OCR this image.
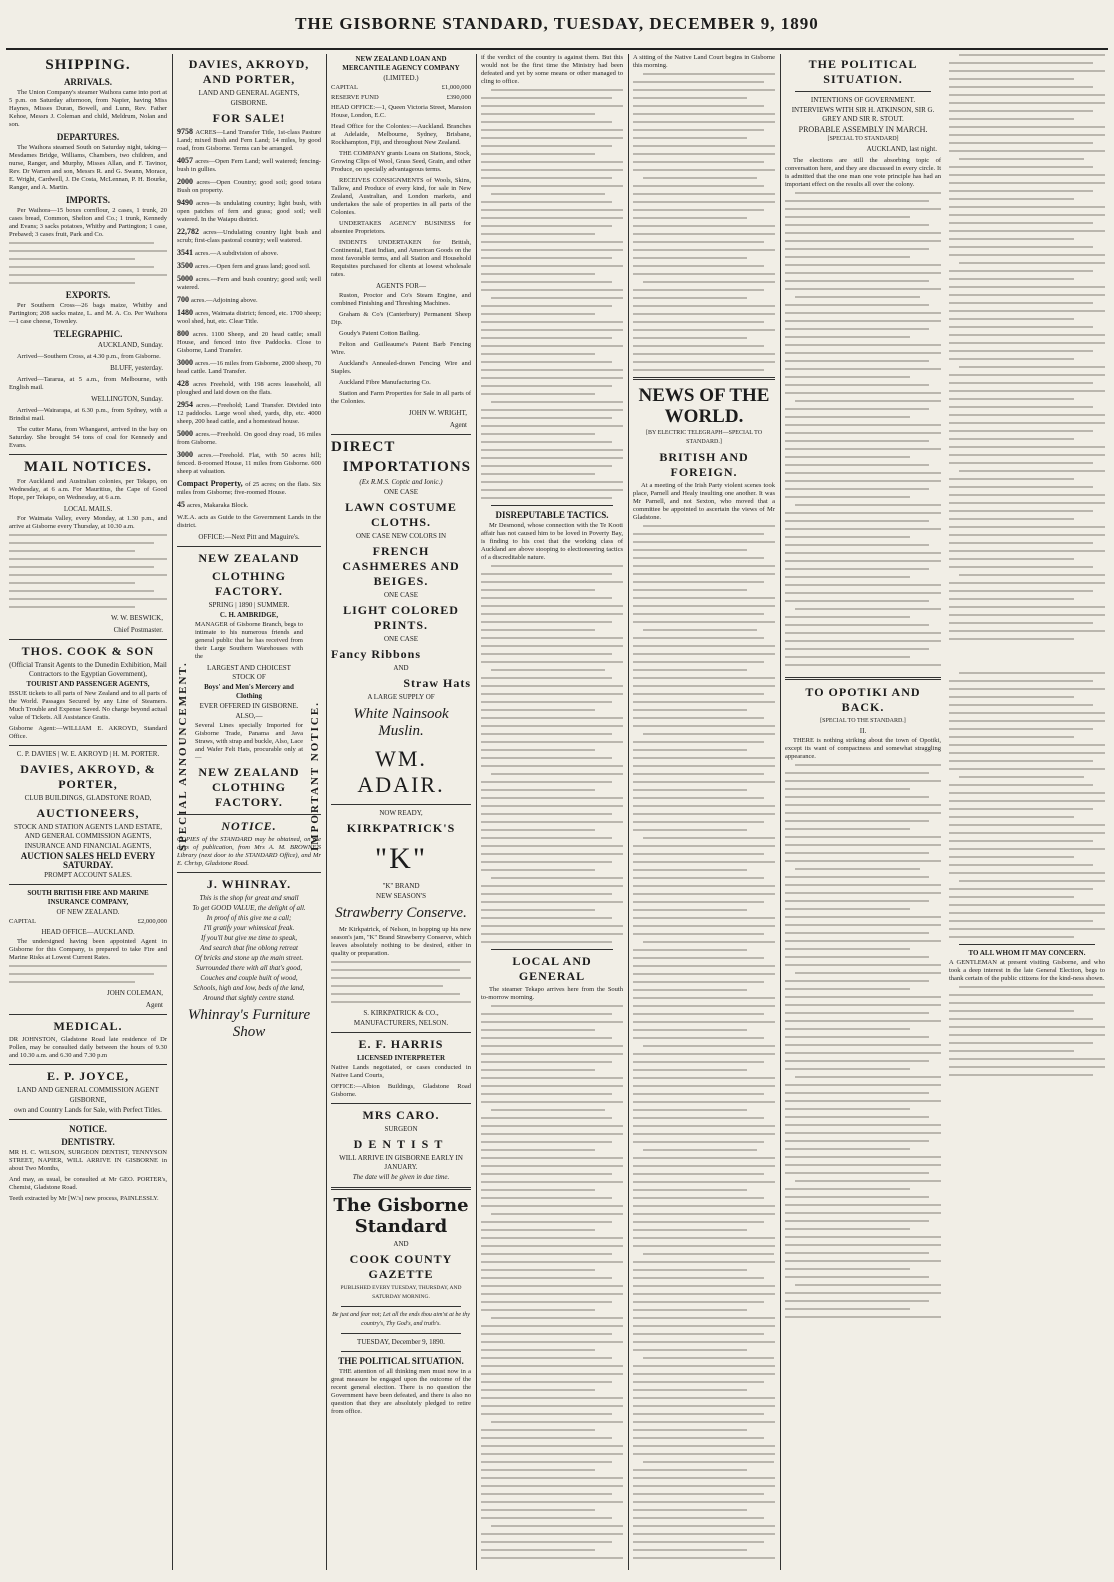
THE GISBORNE STANDARD, TUESDAY, DECEMBER 9, 1890
SHIPPING.
ARRIVALS.

The Union Company's steamer Waihora came into port at 5 p.m. on Saturday afternoon, from Napier, having Miss Haynes, Misses Duran, Bowell, and Lunn, Rev. Father Kehoe, Messrs J. Coleman and child, Meldrum, Nolan and son.

DEPARTURES.

The Waihora steamed South on Saturday night, taking—Mesdames Bridge, Williams, Chambers, two children, and nurse, Ranger, and Murphy, Misses Allan, and F. Tavinor, Rev. Dr Warren and son, Messrs R. and G. Swann, Morace, E. Wright, Cardwell, J. De Costa, McLennan, P. H. Bourke, Ranger, and A. Martin.

IMPORTS.

Per Waihora—15 boxes cornflour, 2 cases, 1 trunk, 20 cases bread, Common, Shelton and Co.; 1 trunk, Kennedy and Evans; 3 sacks potatoes, Whitby and Partington; 1 case, Prebawd; 3 cases fruit, Park and Co.

EXPORTS.

Per Southern Cross—26 bags maize, Whitby and Partington; 208 sacks maize, L. and M. A. Co. Per Waihora—1 case cheese, Townley.

TELEGRAPHIC.
AUCKLAND, Sunday.

Arrived—Southern Cross, at 4.30 p.m., from Gisborne.

BLUFF, yesterday.

Arrived—Tararua, at 5 a.m., from Melbourne, with English mail.

WELLINGTON, Sunday.

Arrived—Wairarapa, at 6.30 p.m., from Sydney, with a Brindisi mail.

The cutter Mana, from Whangarei, arrived in the bay on Saturday. She brought 54 tons of coal for Kennedy and Evans.

MAIL NOTICES.

For Auckland and Australian colonies, per Tekapo, on Wednesday, at 6 a.m. For Mauritius, the Cape of Good Hope, per Tekapo, on Wednesday, at 6 a.m.

LOCAL MAILS.

For Waimata Valley, every Monday, at 1.30 p.m., and arrive at Gisborne every Thursday, at 10.30 a.m.

W. W. BESWICK,
Chief Postmaster.
THOS. COOK & SON
(Official Transit Agents to the Dunedin Exhibition, Mail Contractors to the Egyptian Government),
TOURIST AND PASSENGER AGENTS,

ISSUE tickets to all parts of New Zealand and to all parts of the World. Passages Secured by any Line of Steamers. Much Trouble and Expense Saved. No charge beyond actual value of Tickets. All Assistance Gratis.

Gisborne Agent:—WILLIAM E. AKROYD, Standard Office.

C. P. DAVIES | W. E. AKROYD | H. M. PORTER.
DAVIES, AKROYD, & PORTER,
CLUB BUILDINGS, GLADSTONE ROAD,
AUCTIONEERS,
STOCK AND STATION AGENTS LAND ESTATE, AND GENERAL COMMISSION AGENTS,
INSURANCE AND FINANCIAL AGENTS,
AUCTION SALES HELD EVERY SATURDAY.
PROMPT ACCOUNT SALES.
SOUTH BRITISH FIRE AND MARINE INSURANCE COMPANY,
OF NEW ZEALAND.
CAPITAL	£2,000,000
HEAD OFFICE—AUCKLAND.

The undersigned having been appointed Agent in Gisborne for this Company, is prepared to take Fire and Marine Risks at Lowest Current Rates.

JOHN COLEMAN,
Agent
MEDICAL.

DR JOHNSTON, Gladstone Road late residence of Dr Pollen, may be consulted daily between the hours of 9.30 and 10.30 a.m. and 6.30 and 7.30 p.m

E. P. JOYCE,
LAND AND GENERAL COMMISSION AGENT
GISBORNE,
own and Country Lands for Sale, with Perfect Titles.
NOTICE.
DENTISTRY.

MR H. C. WILSON, SURGEON DENTIST, TENNYSON STREET, NAPIER, WILL ARRIVE IN GISBORNE in about Two Months,

And may, as usual, be consulted at Mr GEO. PORTER's, Chemist, Gladstone Road.

Teeth extracted by Mr [W.'s] new process, PAINLESSLY.

DAVIES, AKROYD, AND PORTER,
LAND AND GENERAL AGENTS,
GISBORNE.
FOR SALE!

9758 ACRES—Land Transfer Title, 1st-class Pasture Land; mixed Bush and Fern Land; 14 miles, by good road, from Gisborne. Terms can be arranged.

4057 acres—Open Fern Land; well watered; fencing-bush in gullies.

2000 acres—Open Country; good soil; good totara Bush on property.

9490 acres—Is undulating country; light bush, with open patches of fern and grass; good soil; well watered. In the Waiapu district.

22,782 acres—Undulating country light bush and scrub; first-class pastoral country; well watered.

3541 acres.—A subdivision of above.

3500 acres.—Open fern and grass land; good soil.

5000 acres.—Fern and bush country; good soil; well watered.

700 acres.—Adjoining above.

1480 acres, Waimata district; fenced, etc. 1700 sheep; wool shed, hut, etc. Clear Title.

800 acres. 1100 Sheep, and 20 head cattle; small House, and fenced into five Paddocks. Close to Gisborne, Land Transfer.

3000 acres.—16 miles from Gisborne, 2000 sheep, 70 head cattle. Land Transfer.

428 acres Freehold, with 198 acres leasehold, all ploughed and laid down on the flats.

2954 acres.—Freehold; Land Transfer. Divided into 12 paddocks. Large wool shed, yards, dip, etc. 4000 sheep, 200 head cattle, and a homestead house.

5000 acres.—Freehold. On good dray road, 16 miles from Gisborne.

3000 acres.—Freehold. Flat, with 50 acres hill; fenced. 8-roomed House, 11 miles from Gisborne. 600 sheep at valuation.

Compact Property, of 25 acres; on the flats. Six miles from Gisborne; five-roomed House.

45 acres, Makaraka Block.

W.E.A. acts as Guide to the Government Lands in the district.

OFFICE:—Next Pitt and Maguire's.
SPECIAL ANNOUNCEMENT.	IMPORTANT NOTICE.
NEW ZEALAND
CLOTHING FACTORY.
SPRING | 1890 | SUMMER.
C. H. AMBRIDGE,

MANAGER of Gisborne Branch, begs to intimate to his numerous friends and general public that he has received from their Large Southern Warehouses with the

LARGEST AND CHOICEST STOCK OF
Boys' and Men's Mercery and Clothing
EVER OFFERED IN GISBORNE.
ALSO,—

Several Lines specially Imported for Gisborne Trade, Panama and Java Straws, with strap and buckle, Also, Lace and Wafer Felt Hats, procurable only at—

NEW ZEALAND CLOTHING FACTORY.
NOTICE.

COPIES of the STANDARD may be obtained, on the days of publication, from Mrs A. M. BROWNE'S Library (next door to the STANDARD Office), and Mr E. Chrisp, Gladstone Road.

J. WHINRAY.
This is the shop for great and small
To get GOOD VALUE, the delight of all.
In proof of this give me a call;
I'll gratify your whimsical freak.
If you'll but give me time to speak,
And search that fine oblong retreat
Of bricks and stone up the main street.
Surrounded there with all that's good,
Couches and couple built of wood,
Schools, high and low, beds of the land,
Around that sightly centre stand.
Whinray's Furniture Show
NEW ZEALAND LOAN AND MERCANTILE AGENCY COMPANY
(LIMITED.)
CAPITAL	£1,000,000
RESERVE FUND	£390,000

HEAD OFFICE:—1, Queen Victoria Street, Mansion House, London, E.C.

Head Office for the Colonies:—Auckland. Branches at Adelaide, Melbourne, Sydney, Brisbane, Rockhampton, Fiji, and throughout New Zealand.

THE COMPANY grants Loans on Stations, Stock, Growing Clips of Wool, Grass Seed, Grain, and other Produce, on specially advantageous terms.

RECEIVES CONSIGNMENTS of Wools, Skins, Tallow, and Produce of every kind, for sale in New Zealand, Australian, and London markets, and undertakes the sale of properties in all parts of the Colonies.

UNDERTAKES AGENCY BUSINESS for absentee Proprietors.

INDENTS UNDERTAKEN for British, Continental, East Indian, and American Goods on the most favorable terms, and all Station and Household Requisites purchased for clients at lowest wholesale rates.

AGENTS FOR—

Ruston, Proctor and Co's Steam Engine, and combined Finishing and Threshing Machines.

Graham & Co's (Canterbury) Permanent Sheep Dip.

Goudy's Patent Cotton Bailing.

Felton and Guilleaume's Patent Barb Fencing Wire.

Auckland's Annealed-drawn Fencing Wire and Staples.

Auckland Fibre Manufacturing Co.

Station and Farm Properties for Sale in all parts of the Colonies.

JOHN W. WRIGHT,
Agent
DIRECT
IMPORTATIONS
(Ex R.M.S. Coptic and Ionic.)
ONE CASE
LAWN COSTUME CLOTHS.
ONE CASE NEW COLORS IN
FRENCH CASHMERES AND BEIGES.
ONE CASE
LIGHT COLORED PRINTS.
ONE CASE
Fancy Ribbons
AND
Straw Hats
A LARGE SUPPLY OF
White Nainsook Muslin.
WM. ADAIR.
NOW READY,
KIRKPATRICK'S
"K"
"K" BRAND
NEW SEASON'S
Strawberry Conserve.

Mr Kirkpatrick, of Nelson, in hopping up his new season's jam, "K" Brand Strawberry Conserve, which leaves absolutely nothing to be desired, either in quality or preparation.

S. KIRKPATRICK & CO.,
MANUFACTURERS, NELSON.
E. F. HARRIS
LICENSED INTERPRETER

Native Lands negotiated, or cases conducted in Native Land Courts,

OFFICE:—Albion Buildings, Gladstone Road Gisborne.

MRS CARO.
SURGEON
DENTIST
WILL ARRIVE IN GISBORNE EARLY IN JANUARY.
The date will be given in due time.
The Gisborne Standard
AND
COOK COUNTY GAZETTE
PUBLISHED EVERY TUESDAY, THURSDAY, AND SATURDAY MORNING.
Be just and fear not; Let all the ends thou aim'st at be thy country's, Thy God's, and truth's.
TUESDAY, December 9, 1890.
THE POLITICAL SITUATION.

THE attention of all thinking men must now in a great measure be engaged upon the outcome of the recent general election. There is no question the Government have been defeated, and there is also no question that they are absolutely pledged to retire from office.

if the verdict of the country is against them. But this would not be the first time the Ministry had been defeated and yet by some means or other managed to cling to office.

DISREPUTABLE TACTICS.

Mr Desmond, whose connection with the Te Kooti affair has not caused him to be loved in Poverty Bay, is finding to his cost that the working class of Auckland are above stooping to electioneering tactics of a discreditable nature.

LOCAL AND GENERAL

The steamer Tekapo arrives here from the South to-morrow morning.

A sitting of the Native Land Court begins in Gisborne this morning.

NEWS OF THE WORLD.
[BY ELECTRIC TELEGRAPH—SPECIAL TO STANDARD.]
BRITISH AND FOREIGN.

At a meeting of the Irish Party violent scenes took place, Parnell and Healy insulting one another. It was Mr Parnell, and not Sexton, who moved that a committee be appointed to ascertain the views of Mr Gladstone.

THE POLITICAL SITUATION.
INTENTIONS OF GOVERNMENT.
INTERVIEWS WITH SIR H. ATKINSON, SIR G. GREY AND SIR R. STOUT.
PROBABLE ASSEMBLY IN MARCH.
[SPECIAL TO STANDARD]
AUCKLAND, last night.

The elections are still the absorbing topic of conversation here, and they are discussed in every circle. It is admitted that the one man one vote principle has had an important effect on the results all over the colony.

TO OPOTIKI AND BACK.
[SPECIAL TO THE STANDARD.]
II.

THERE is nothing striking about the town of Opotiki, except its want of compactness and somewhat straggling appearance.

TO ALL WHOM IT MAY CONCERN.

A GENTLEMAN at present visiting Gisborne, and who took a deep interest in the late General Election, begs to thank certain of the public citizens for the kind-ness shown.
